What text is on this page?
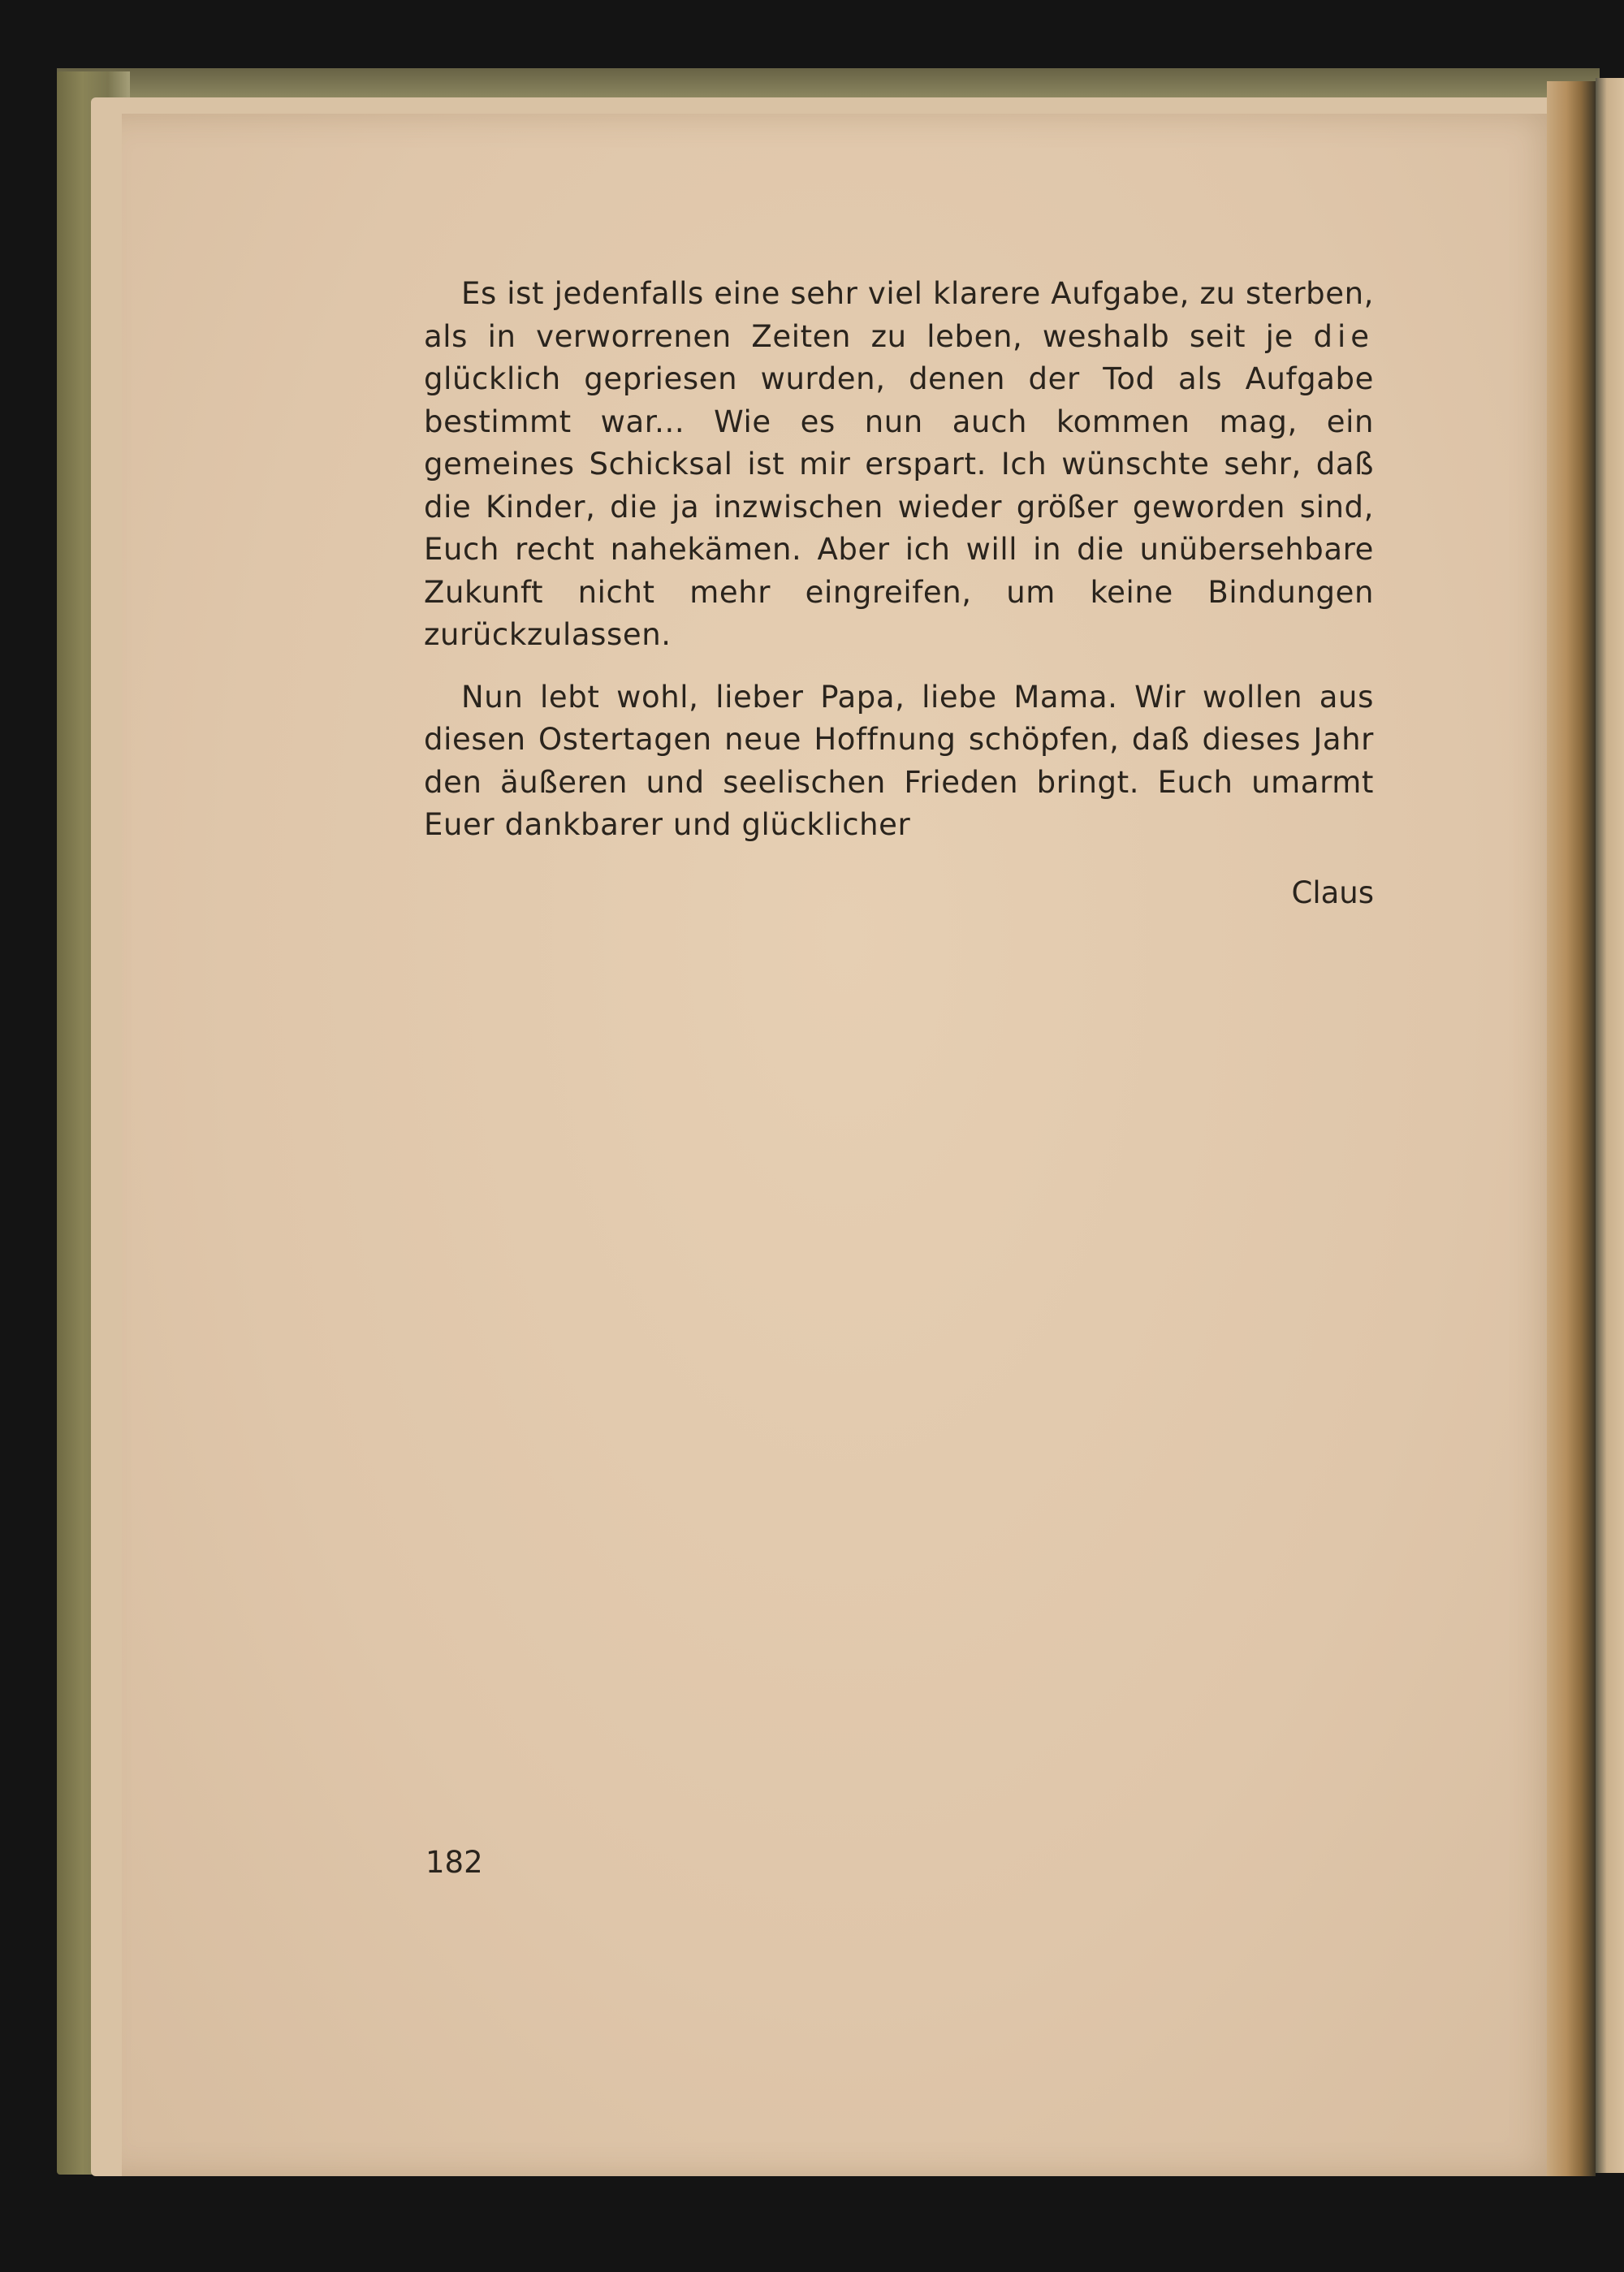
Es ist jedenfalls eine sehr viel klarere Aufgabe, zu sterben, als in verworrenen Zeiten zu leben, weshalb seit je die glücklich gepriesen wurden, denen der Tod als Aufgabe bestimmt war... Wie es nun auch kommen mag, ein gemeines Schicksal ist mir erspart. Ich wünschte sehr, daß die Kinder, die ja inzwischen wieder größer geworden sind, Euch recht nahekämen. Aber ich will in die unübersehbare Zukunft nicht mehr eingreifen, um keine Bindungen zurückzulassen.

Nun lebt wohl, lieber Papa, liebe Mama. Wir wollen aus diesen Ostertagen neue Hoffnung schöpfen, daß dieses Jahr den äußeren und seelischen Frieden bringt. Euch umarmt Euer dankbarer und glücklicher

Claus
182
